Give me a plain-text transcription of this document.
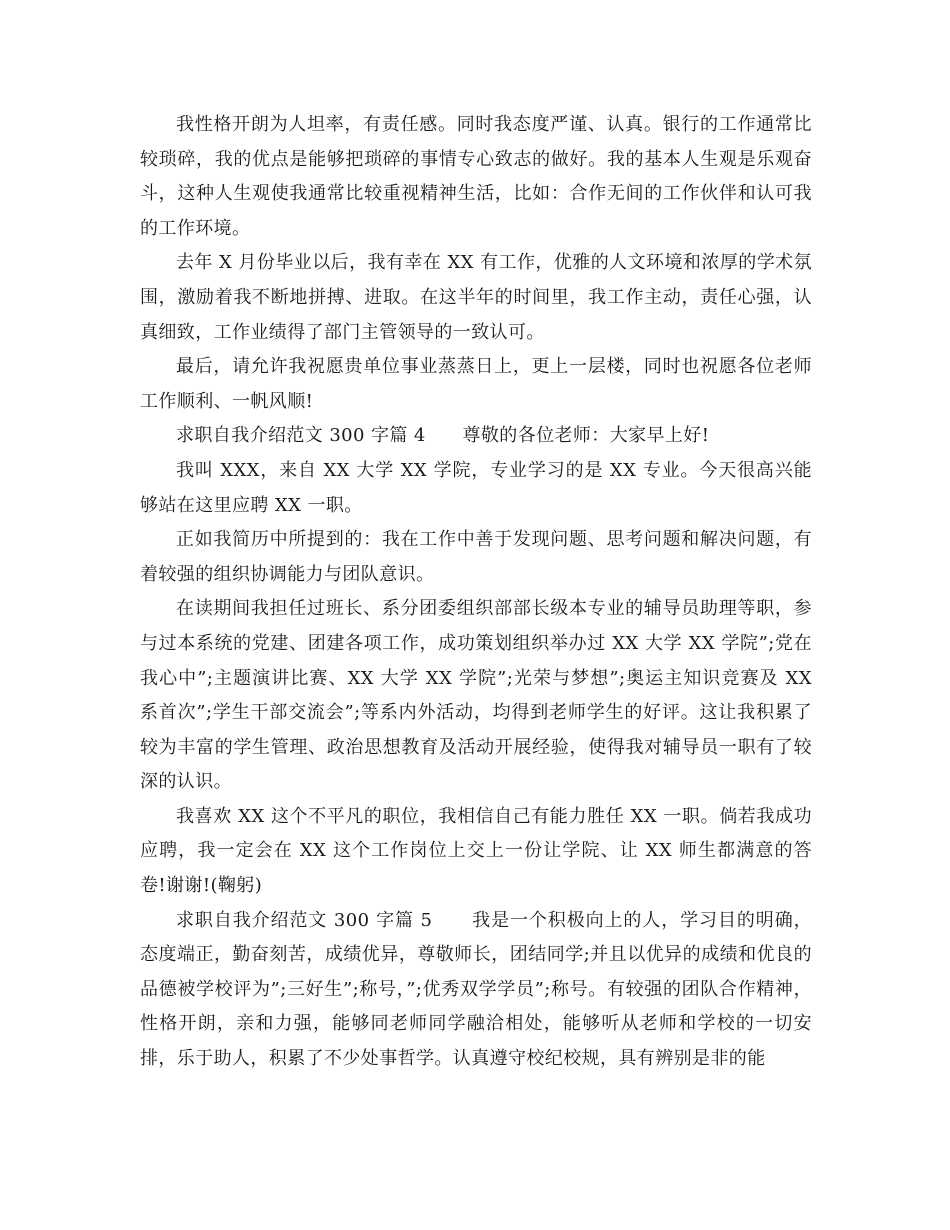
我性格开朗为人坦率，有责任感。同时我态度严谨、认真。银行的工作通常比较琐碎，我的优点是能够把琐碎的事情专心致志的做好。我的基本人生观是乐观奋斗，这种人生观使我通常比较重视精神生活，比如：合作无间的工作伙伴和认可我的工作环境。

去年 X 月份毕业以后，我有幸在 XX 有工作，优雅的人文环境和浓厚的学术氛围，激励着我不断地拼搏、进取。在这半年的时间里，我工作主动，责任心强，认真细致，工作业绩得了部门主管领导的一致认可。

最后，请允许我祝愿贵单位事业蒸蒸日上，更上一层楼，同时也祝愿各位老师工作顺利、一帆风顺!

求职自我介绍范文 300 字篇 4      尊敬的各位老师：大家早上好!

我叫 XXX，来自 XX 大学 XX 学院，专业学习的是 XX 专业。今天很高兴能够站在这里应聘 XX 一职。

正如我简历中所提到的：我在工作中善于发现问题、思考问题和解决问题，有着较强的组织协调能力与团队意识。

在读期间我担任过班长、系分团委组织部部长级本专业的辅导员助理等职，参与过本系统的党建、团建各项工作，成功策划组织举办过 XX 大学 XX 学院”;党在我心中”;主题演讲比赛、XX 大学 XX 学院”;光荣与梦想”;奥运主知识竞赛及 XX 系首次”;学生干部交流会”;等系内外活动，均得到老师学生的好评。这让我积累了较为丰富的学生管理、政治思想教育及活动开展经验，使得我对辅导员一职有了较深的认识。

我喜欢 XX 这个不平凡的职位，我相信自己有能力胜任 XX 一职。倘若我成功应聘，我一定会在 XX 这个工作岗位上交上一份让学院、让 XX 师生都满意的答卷!谢谢!(鞠躬)

求职自我介绍范文 300 字篇 5      我是一个积极向上的人，学习目的明确，态度端正，勤奋刻苦，成绩优异，尊敬师长，团结同学;并且以优异的成绩和优良的品德被学校评为”;三好生”;称号，”;优秀双学学员”;称号。有较强的团队合作精神，性格开朗，亲和力强，能够同老师同学融洽相处，能够听从老师和学校的一切安排，乐于助人，积累了不少处事哲学。认真遵守校纪校规，具有辨别是非的能
